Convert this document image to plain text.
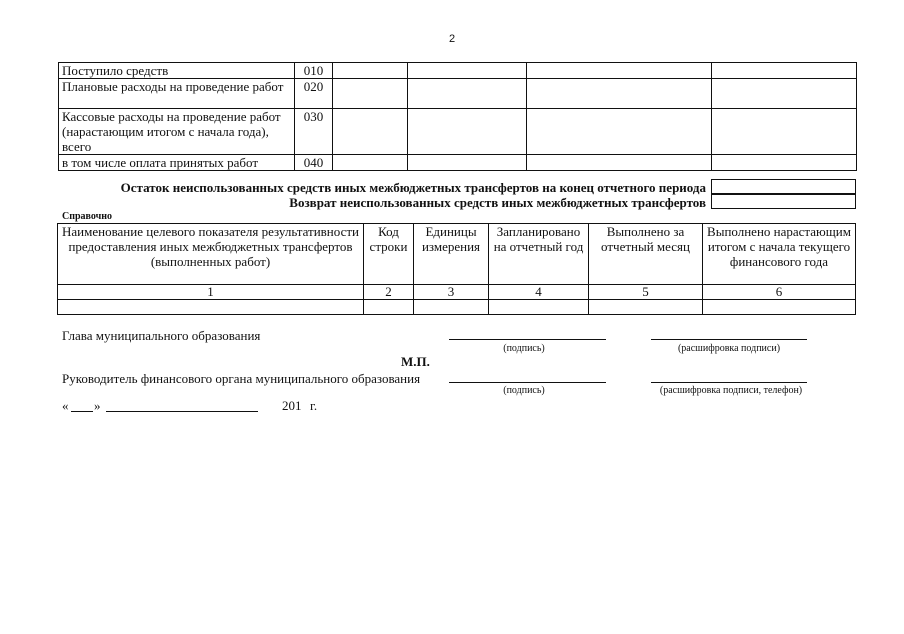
2
Поступило средств	010				
Плановые расходы на проведение работ	020				
Кассовые расходы на проведение работ (нарастающим итогом с начала года), всего	030				
в том числе оплата принятых работ	040				
Остаток неиспользованных средств иных межбюджетных трансфертов на конец отчетного периода
Возврат неиспользованных средств иных межбюджетных трансфертов
Справочно
Наименование целевого показателя результативности предоставления иных межбюджетных трансфертов (выполненных работ)	Код строки	Единицы измерения	Запланировано на отчетный год	Выполнено за отчетный месяц	Выполнено нарастающим итогом с начала текущего финансового года
1	2	3	4	5	6

Глава муниципального образования
(подпись)	(расшифровка подписи)
М.П.
Руководитель финансового органа муниципального образования
(подпись)	(расшифровка подписи, телефон)
« »	201 г.
